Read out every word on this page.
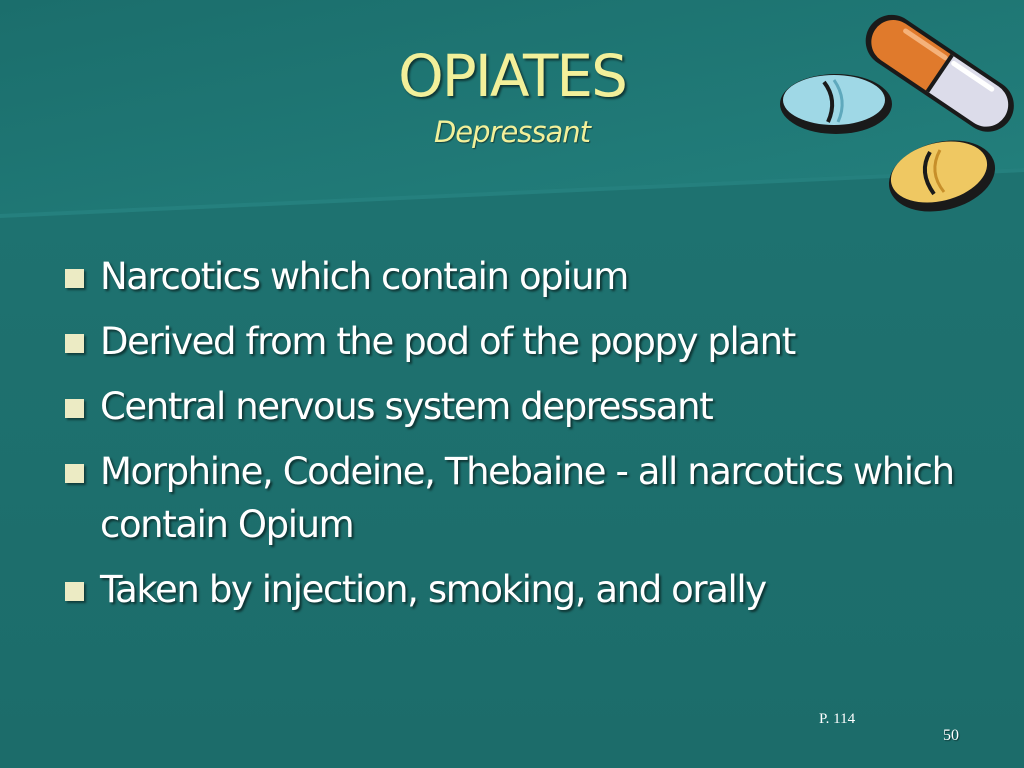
OPIATES
Depressant
Narcotics which contain opium
Derived from the pod of the poppy plant
Central nervous system depressant
Morphine, Codeine, Thebaine - all narcotics which contain Opium
Taken by injection, smoking, and orally
P. 114
50
